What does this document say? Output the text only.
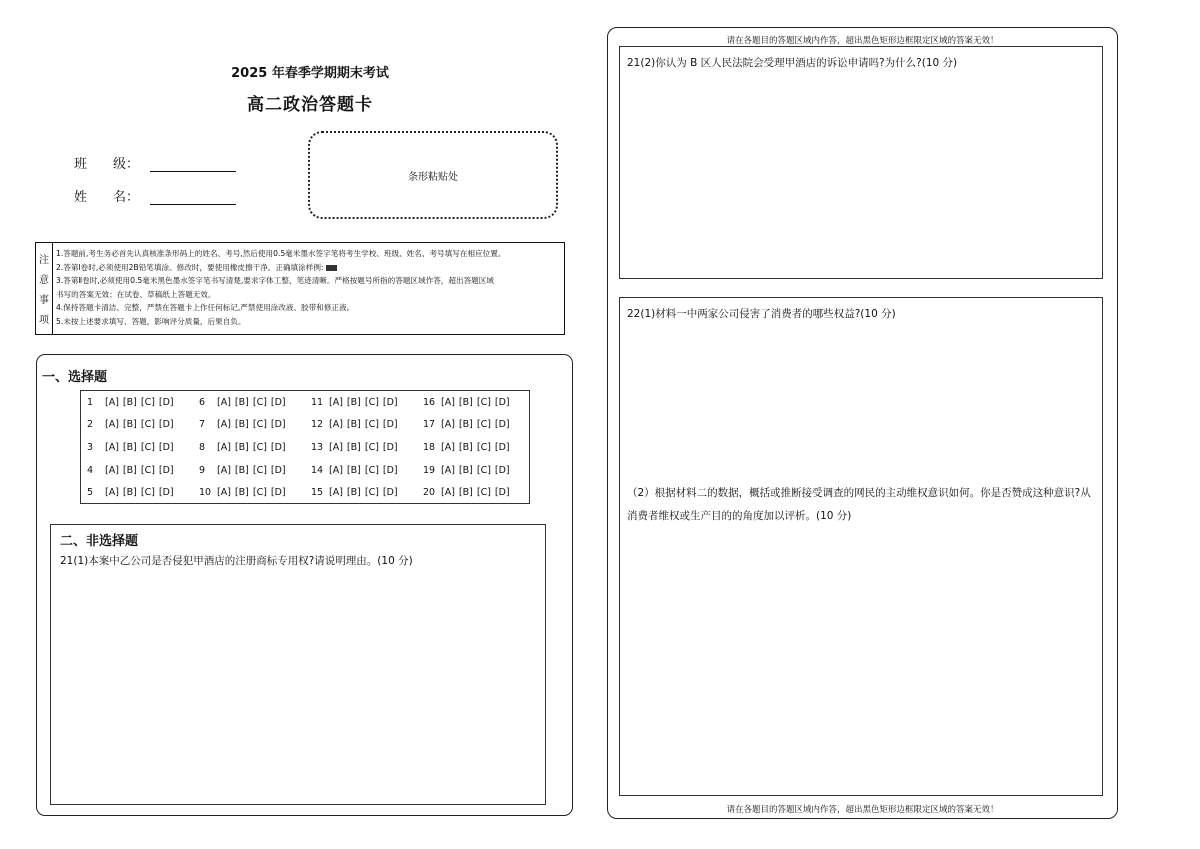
2025 年春季学期期末考试
高二政治答题卡
班　　级：
姓　　名：
条形粘贴处
注
意
事
项
1.答题前,考生务必首先认真核准条形码上的姓名、考号,然后使用0.5毫米墨水签字笔将考生学校、班级、姓名、考号填写在相应位置。
2.答第Ⅰ卷时,必须使用2B铅笔填涂。修改时，要使用橡皮擦干净。正确填涂样例:
3.答第Ⅱ卷时,必须使用0.5毫米黑色墨水签字笔书写清楚,要求字体工整、笔迹清晰。严格按题号所指的答题区域作答，超出答题区域
书写的答案无效；在试卷、草稿纸上答题无效。
4.保持答题卡清洁、完整，严禁在答题卡上作任何标记,严禁使用涂改液、胶带和修正液。
5.未按上述要求填写、答题，影响评分质量，后果自负。
一、选择题
1 [A] [B] [C] [D]	6 [A] [B] [C] [D]	11 [A] [B] [C] [D]	16 [A] [B] [C] [D]
2 [A] [B] [C] [D]	7 [A] [B] [C] [D]	12 [A] [B] [C] [D]	17 [A] [B] [C] [D]
3 [A] [B] [C] [D]	8 [A] [B] [C] [D]	13 [A] [B] [C] [D]	18 [A] [B] [C] [D]
4 [A] [B] [C] [D]	9 [A] [B] [C] [D]	14 [A] [B] [C] [D]	19 [A] [B] [C] [D]
5 [A] [B] [C] [D]	10 [A] [B] [C] [D]	15 [A] [B] [C] [D]	20 [A] [B] [C] [D]
二、非选择题
21(1)本案中乙公司是否侵犯甲酒店的注册商标专用权?请说明理由。(10 分)
请在各题目的答题区域内作答，超出黑色矩形边框限定区域的答案无效！
21(2)你认为 B 区人民法院会受理甲酒店的诉讼申请吗?为什么?(10 分)
22(1)材料一中两家公司侵害了消费者的哪些权益?(10 分)
（2）根据材料二的数据，概括或推断接受调查的网民的主动维权意识如何。你是否赞成这种意识?从消费者维权或生产目的的角度加以评析。(10 分)
请在各题目的答题区域内作答，超出黑色矩形边框限定区域的答案无效！
